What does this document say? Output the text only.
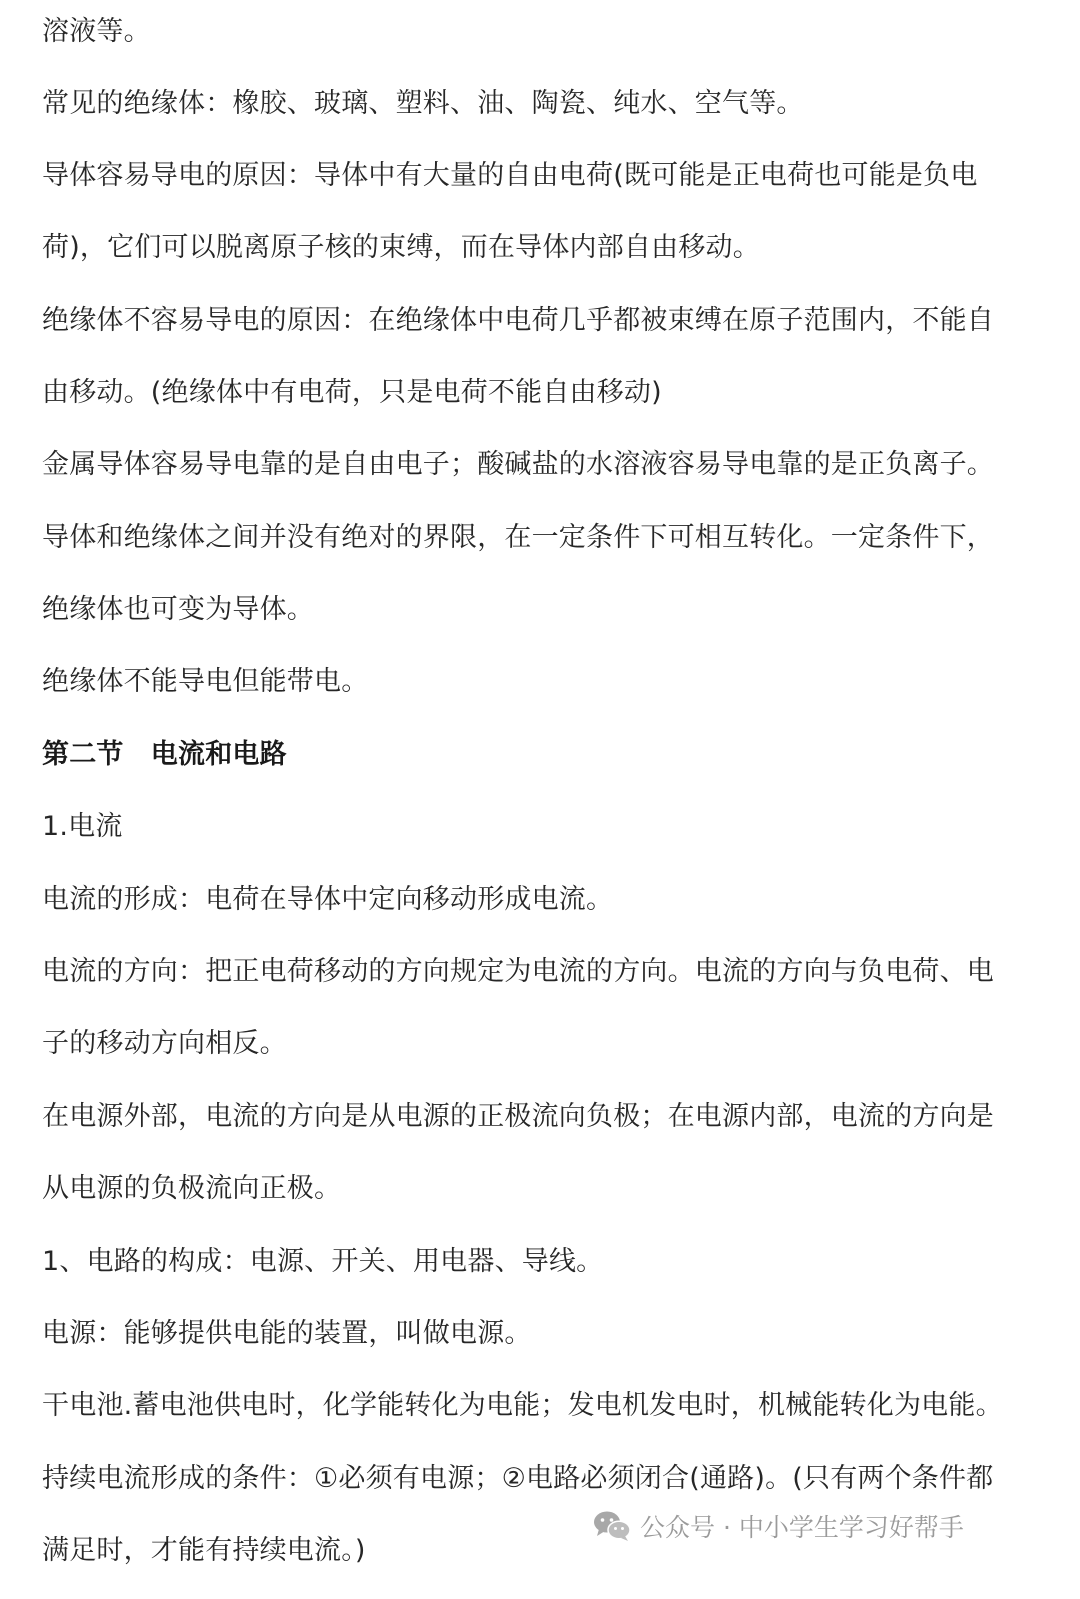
溶液等。
常见的绝缘体：橡胶、玻璃、塑料、油、陶瓷、纯水、空气等。
导体容易导电的原因：导体中有大量的自由电荷(既可能是正电荷也可能是负电
荷)，它们可以脱离原子核的束缚，而在导体内部自由移动。
绝缘体不容易导电的原因：在绝缘体中电荷几乎都被束缚在原子范围内，不能自
由移动。(绝缘体中有电荷，只是电荷不能自由移动)
金属导体容易导电靠的是自由电子；酸碱盐的水溶液容易导电靠的是正负离子。
导体和绝缘体之间并没有绝对的界限，在一定条件下可相互转化。一定条件下，
绝缘体也可变为导体。
绝缘体不能导电但能带电。
第二节　电流和电路
1.电流
电流的形成：电荷在导体中定向移动形成电流。
电流的方向：把正电荷移动的方向规定为电流的方向。电流的方向与负电荷、电
子的移动方向相反。
在电源外部，电流的方向是从电源的正极流向负极；在电源内部，电流的方向是
从电源的负极流向正极。
1、电路的构成：电源、开关、用电器、导线。
电源：能够提供电能的装置，叫做电源。
干电池.蓄电池供电时，化学能转化为电能；发电机发电时，机械能转化为电能。
持续电流形成的条件：①必须有电源；②电路必须闭合(通路)。(只有两个条件都
满足时，才能有持续电流。)
公众号 · 中小学生学习好帮手
